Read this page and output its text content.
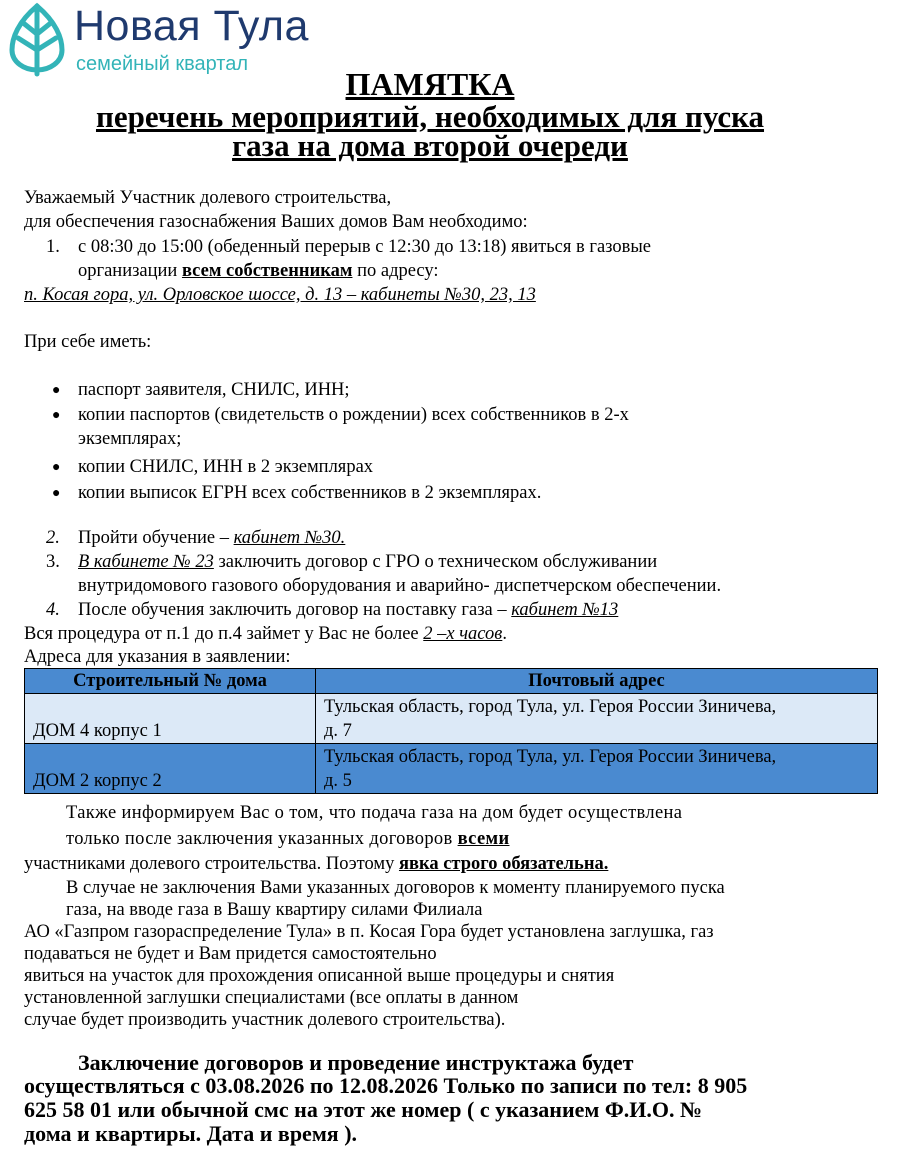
Новая Тула
семейный квартал
ПАМЯТКА
перечень мероприятий, необходимых для пуска
газа на дома второй очереди
Уважаемый Участник долевого строительства,
для обеспечения газоснабжения Ваших домов Вам необходимо:
1. с 08:30 до 15:00 (обеденный перерыв с 12:30 до 13:18) явиться в газовые
организации всем собственникам по адресу:
п. Косая гора, ул. Орловское шоссе, д. 13 – кабинеты №30, 23, 13
При себе иметь:
● паспорт заявителя, СНИЛС, ИНН;
● копии паспортов (свидетельств о рождении) всех собственников в 2-х
экземплярах;
● копии СНИЛС, ИНН в 2 экземплярах
● копии выписок ЕГРН всех собственников в 2 экземплярах.
2. Пройти обучение – кабинет №30.
3. В кабинете № 23 заключить договор с ГРО о техническом обслуживании
внутридомового газового оборудования и аварийно- диспетчерском обеспечении.
4. После обучения заключить договор на поставку газа – кабинет №13
Вся процедура от п.1 до п.4 займет у Вас не более 2 –х часов.
Адреса для указания в заявлении:
Строительный № дома	Почтовый адрес
ДОМ 4 корпус 1	Тульская область, город Тула, ул. Героя России Зиничева,
д. 7

ДОМ 2 корпус 2	Тульская область, город Тула, ул. Героя России Зиничева,
д. 5
Также информируем Вас о том, что подача газа на дом будет осуществлена
только после заключения указанных договоров всеми
участниками долевого строительства. Поэтому явка строго обязательна.
В случае не заключения Вами указанных договоров к моменту планируемого пуска
газа, на вводе газа в Вашу квартиру силами Филиала
АО «Газпром газораспределение Тула» в п. Косая Гора будет установлена заглушка, газ
подаваться не будет и Вам придется самостоятельно
явиться на участок для прохождения описанной выше процедуры и снятия
установленной заглушки специалистами (все оплаты в данном
случае будет производить участник долевого строительства).
Заключение договоров и проведение инструктажа будет
осуществляться с 03.08.2026 по 12.08.2026 Только по записи по тел: 8 905
625 58 01 или обычной смс на этот же номер ( с указанием Ф.И.О. №
дома и квартиры. Дата и время ).
